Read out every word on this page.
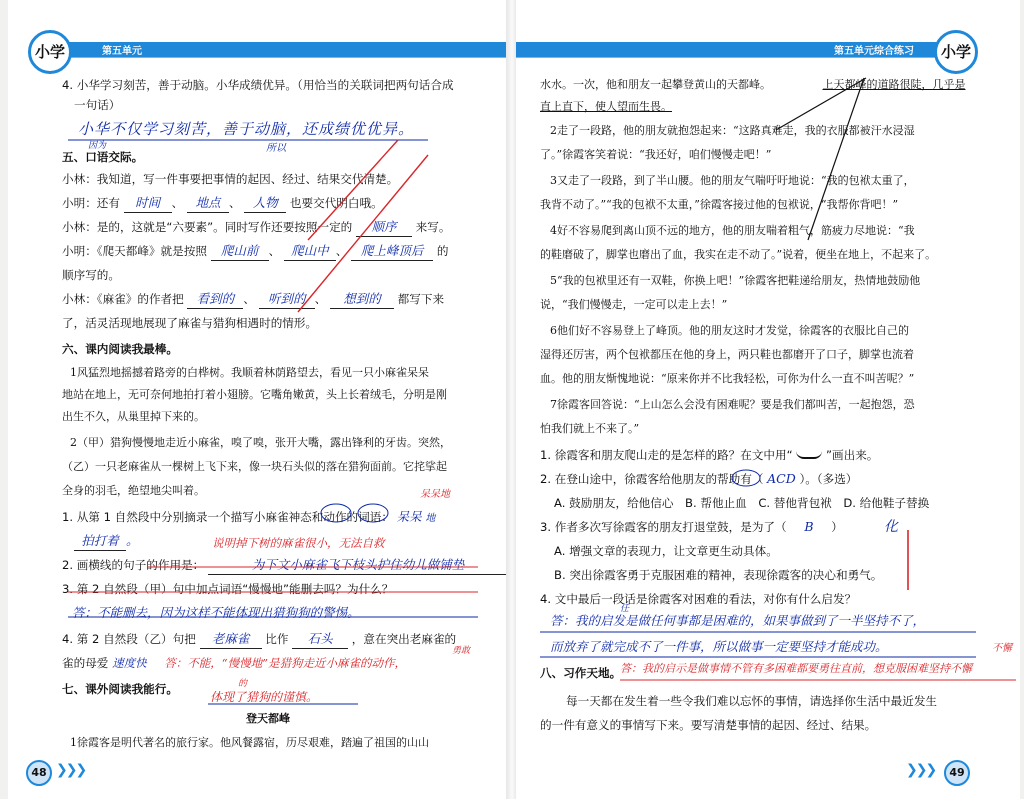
小学	第五单元
4. 小华学习刻苦，善于动脑。小华成绩优异。（用恰当的关联词把两句话合成
一句话）
小华不仅学习刻苦，善于动脑，还成绩优优异。
因为	所以
五、口语交际。
小林：我知道，写一件事要把事情的起因、经过、结果交代清楚。
小明：还有 时间 、 地点 、 人物 也要交代明白哦。
小林：是的，这就是“六要素”。同时写作还要按照一定的 顺序 来写。
小明：《爬天都峰》就是按照 爬山前 、 爬山中 、 爬上峰顶后 的
顺序写的。
小林：《麻雀》的作者把 看到的 、 听到的 、 想到的 都写下来
了，活灵活现地展现了麻雀与猎狗相遇时的情形。
六、课内阅读我最棒。
1风猛烈地摇撼着路旁的白桦树。我顺着林荫路望去，看见一只小麻雀呆呆
地站在地上，无可奈何地拍打着小翅膀。它嘴角嫩黄，头上长着绒毛，分明是刚
出生不久，从巢里掉下来的。
2（甲）猎狗慢慢地走近小麻雀，嗅了嗅，张开大嘴，露出锋利的牙齿。突然，
（乙）一只老麻雀从一棵树上飞下来，像一块石头似的落在猎狗面前。它挓挲起
全身的羽毛，绝望地尖叫着。	呆呆地
1. 从第 1 自然段中分别摘录一个描写小麻雀神态和动作的词语： 呆呆 地
拍打着 。	说明掉下树的麻雀很小，无法自救
2. 画横线的句子的作用是：	为下文小麻雀飞下枝头护住幼儿做铺垫
3. 第 2 自然段（甲）句中加点词语“慢慢地”能删去吗？为什么？
答：不能删去，因为这样不能体现出猎狗狗的警惕。
4. 第 2 自然段（乙）句把 老麻雀 比作 石头 ，意在突出老麻雀的
勇敢
雀的母爱 速度快 答：不能，“慢慢地”是猎狗走近小麻雀的动作，
七、课外阅读我能行。	的
体现了猎狗的谨慎。
登天都峰
1徐霞客是明代著名的旅行家。他风餐露宿，历尽艰难，踏遍了祖国的山山
48 ❯❯❯
小学
第五单元综合练习
水水。一次，他和朋友一起攀登黄山的天都峰。	上天都峰的道路很陡，几乎是
直上直下，使人望而生畏。
2走了一段路，他的朋友就抱怨起来：“这路真难走，我的衣服都被汗水浸湿
了。”徐霞客笑着说：“我还好，咱们慢慢走吧！”
3又走了一段路，到了半山腰。他的朋友气喘吁吁地说：“我的包袱太重了，
我背不动了。”“我的包袱不太重，”徐霞客接过他的包袱说，“我帮你背吧！”
4好不容易爬到离山顶不远的地方，他的朋友喘着粗气，筋疲力尽地说：“我
的鞋磨破了，脚掌也磨出了血，我实在走不动了。”说着，便坐在地上，不起来了。
5“我的包袱里还有一双鞋，你换上吧！”徐霞客把鞋递给朋友，热情地鼓励他
说，“我们慢慢走，一定可以走上去！”
6他们好不容易登上了峰顶。他的朋友这时才发觉，徐霞客的衣服比自己的
湿得还厉害，两个包袱都压在他的身上，两只鞋也都磨开了口子，脚掌也流着
血。他的朋友惭愧地说：“原来你并不比我轻松，可你为什么一直不叫苦呢？”
7徐霞客回答说：“上山怎么会没有困难呢？要是我们都叫苦，一起抱怨，恐
怕我们就上不来了。”
1. 徐霞客和朋友爬山走的是怎样的路？在文中用“	”画出来。
2. 在登山途中，徐霞客给他朋友的帮助有（ ACD ）。（多选）
A. 鼓励朋友，给他信心　B. 帮他止血　C. 替他背包袱　D. 给他鞋子替换
3. 作者多次写徐霞客的朋友打退堂鼓，是为了（ B ）	化
A. 增强文章的表现力，让文章更生动具体。
B. 突出徐霞客勇于克服困难的精神，表现徐霞客的决心和勇气。
4. 文中最后一段话是徐霞客对困难的看法，对你有什么启发？
任
答：我的启发是做任何事都是困难的，如果事做到了一半坚持不了，
而放弃了就完成不了一件事，所以做事一定要坚持才能成功。	不懈
八、习作天地。
答：我的启示是做事情不管有多困难都要勇往直前，想克服困难坚持不懈
每一天都在发生着一些令我们难以忘怀的事情，请选择你生活中最近发生
的一件有意义的事情写下来。要写清楚事情的起因、经过、结果。
49
❯❯❯
